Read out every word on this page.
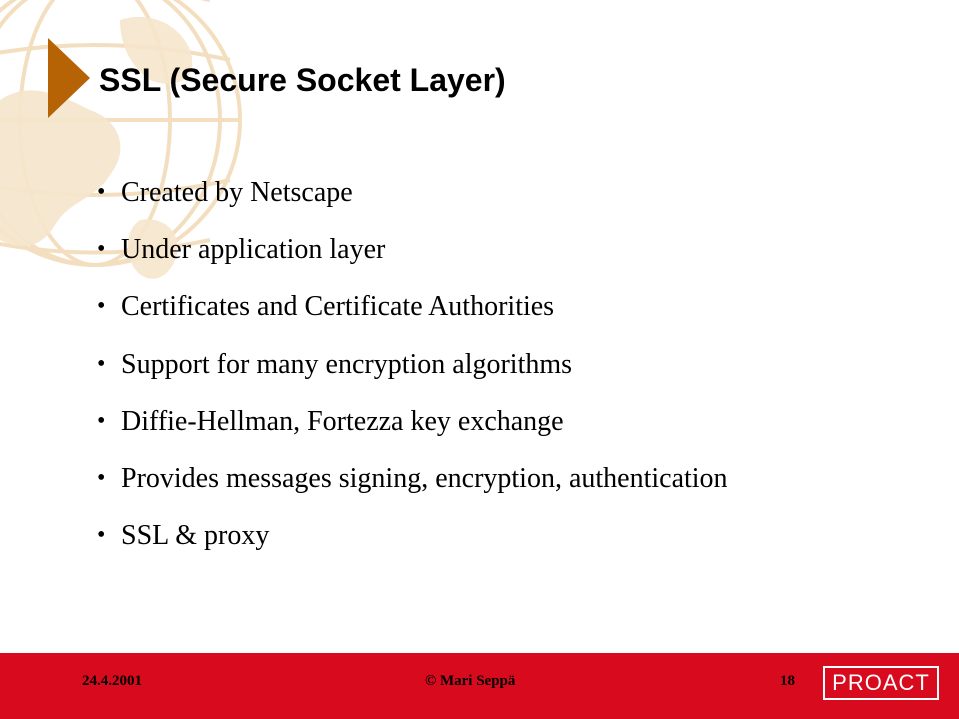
SSL (Secure Socket Layer)
• Created by Netscape
• Under application layer
• Certificates and Certificate Authorities
• Support for many encryption algorithms
• Diffie-Hellman, Fortezza key exchange
• Provides messages signing, encryption, authentication
• SSL & proxy
24.4.2001	© Mari Seppä	18	PROACT
